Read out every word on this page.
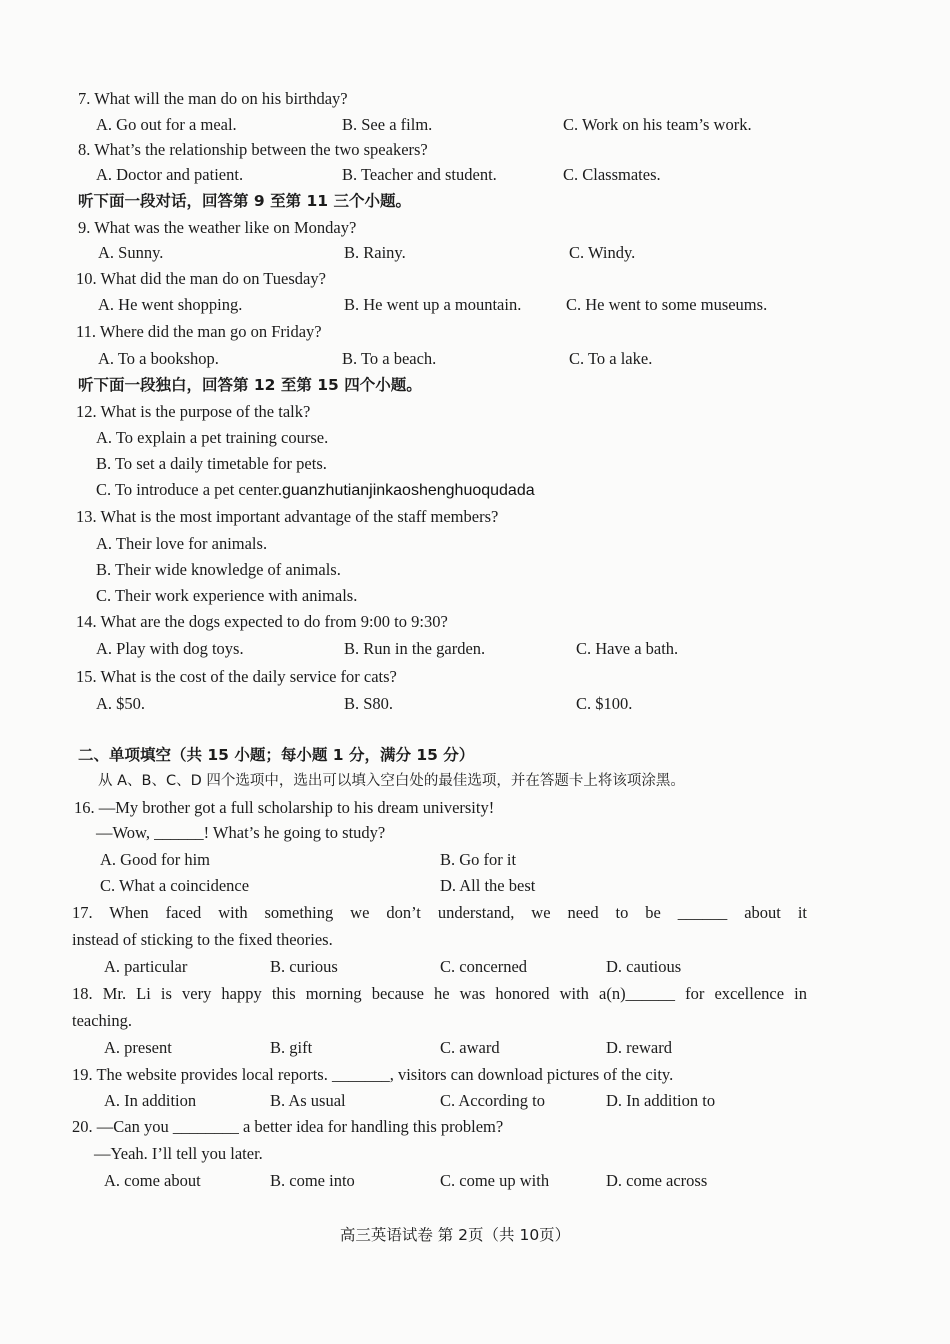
7. What will the man do on his birthday?
A. Go out for a meal.	B. See a film.	C. Work on his team’s work.
8. What’s the relationship between the two speakers?
A. Doctor and patient.	B. Teacher and student.	C. Classmates.
听下面一段对话，回答第 9 至第 11 三个小题。
9. What was the weather like on Monday?
A. Sunny.	B. Rainy.	C. Windy.
10. What did the man do on Tuesday?
A. He went shopping.	B. He went up a mountain.	C. He went to some museums.
11. Where did the man go on Friday?
A. To a bookshop.	B. To a beach.	C. To a lake.
听下面一段独白，回答第 12 至第 15 四个小题。
12. What is the purpose of the talk?
A. To explain a pet training course.
B. To set a daily timetable for pets.
C. To introduce a pet center.guanzhutianjinkaoshenghuoqudada
13. What is the most important advantage of the staff members?
A. Their love for animals.
B. Their wide knowledge of animals.
C. Their work experience with animals.
14. What are the dogs expected to do from 9:00 to 9:30?
A. Play with dog toys.	B. Run in the garden.	C. Have a bath.
15. What is the cost of the daily service for cats?
A. $50.	B. S80.	C. $100.
二、单项填空（共 15 小题；每小题 1 分，满分 15 分）
从 A、B、C、D 四个选项中，选出可以填入空白处的最佳选项，并在答题卡上将该项涂黑。
16. —My brother got a full scholarship to his dream university!
—Wow, ______! What’s he going to study?
A. Good for him	B. Go for it
C. What a coincidence	D. All the best
17. When faced with something we don’t understand, we need to be ______ about it
instead of sticking to the fixed theories.
A. particular	B. curious	C. concerned	D. cautious
18. Mr. Li is very happy this morning because he was honored with a(n)______ for excellence in
teaching.
A. present	B. gift	C. award	D. reward
19. The website provides local reports. _______, visitors can download pictures of the city.
A. In addition	B. As usual	C. According to	D. In addition to
20. —Can you ________ a better idea for handling this problem?
—Yeah. I’ll tell you later.
A. come about	B. come into	C. come up with	D. come across
高三英语试卷 第 2页（共 10页）
